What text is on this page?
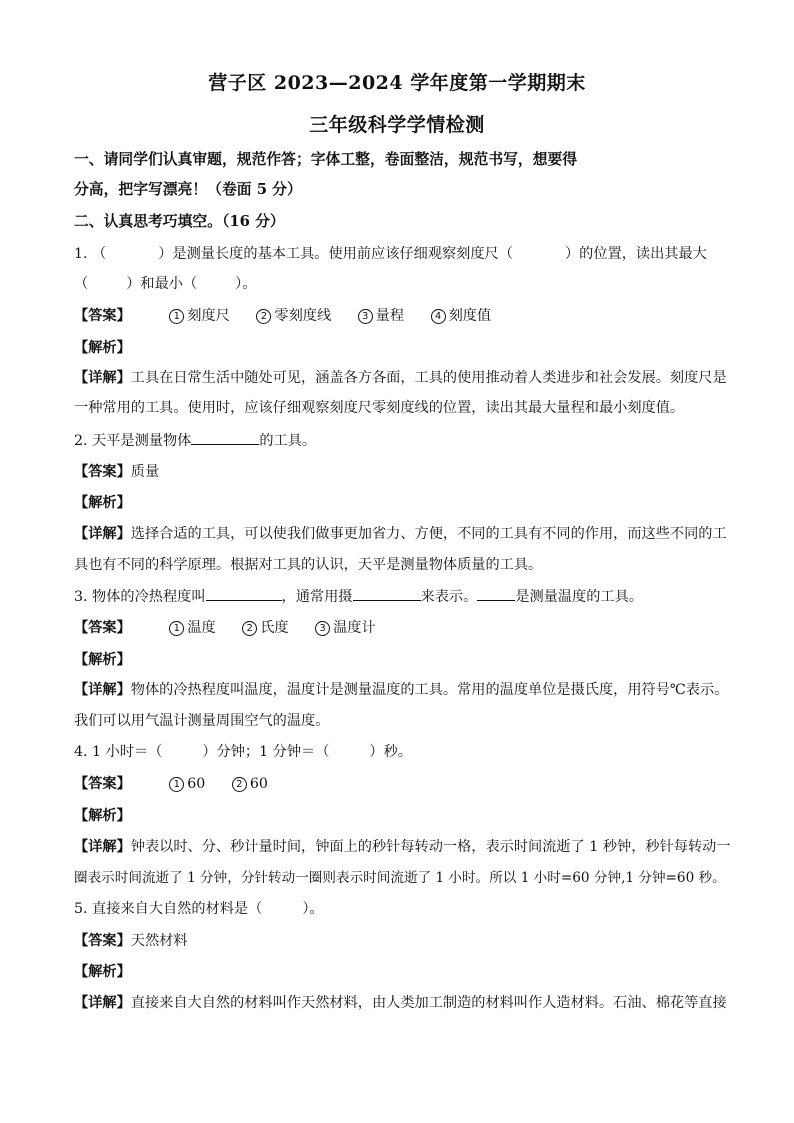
营子区 2023—2024 学年度第一学期期末
三年级科学学情检测
一、请同学们认真审题，规范作答；字体工整，卷面整洁，规范书写，想要得
分高，把字写漂亮！（卷面 5 分）
二、认真思考巧填空。（16 分）
1. （	）是测量长度的基本工具。使用前应该仔细观察刻度尺（	）的位置，读出其最大
（	）和最小（	）。
【答案】	1 刻度尺	2 零刻度线	3 量程	4 刻度值
【解析】
【详解】工具在日常生活中随处可见，涵盖各方各面，工具的使用推动着人类进步和社会发展。刻度尺是
一种常用的工具。使用时，应该仔细观察刻度尺零刻度线的位置，读出其最大量程和最小刻度值。
2. 天平是测量物体	的工具。
【答案】质量
【解析】
【详解】选择合适的工具，可以使我们做事更加省力、方便，不同的工具有不同的作用，而这些不同的工
具也有不同的科学原理。根据对工具的认识，天平是测量物体质量的工具。
3. 物体的冷热程度叫	，通常用摄	来表示。	是测量温度的工具。
【答案】	1 温度	2 氏度	3 温度计
【解析】
【详解】物体的冷热程度叫温度，温度计是测量温度的工具。常用的温度单位是摄氏度，用符号℃表示。
我们可以用气温计测量周围空气的温度。
4. 1 小时＝（	）分钟；1 分钟＝（	）秒。
【答案】	1 60	2 60
【解析】
【详解】钟表以时、分、秒计量时间，钟面上的秒针每转动一格，表示时间流逝了 1 秒钟，秒针每转动一
圈表示时间流逝了 1 分钟，分针转动一圈则表示时间流逝了 1 小时。所以 1 小时=60 分钟,1 分钟=60 秒。
5. 直接来自大自然的材料是（	）。
【答案】天然材料
【解析】
【详解】直接来自大自然的材料叫作天然材料，由人类加工制造的材料叫作人造材料。石油、棉花等直接
